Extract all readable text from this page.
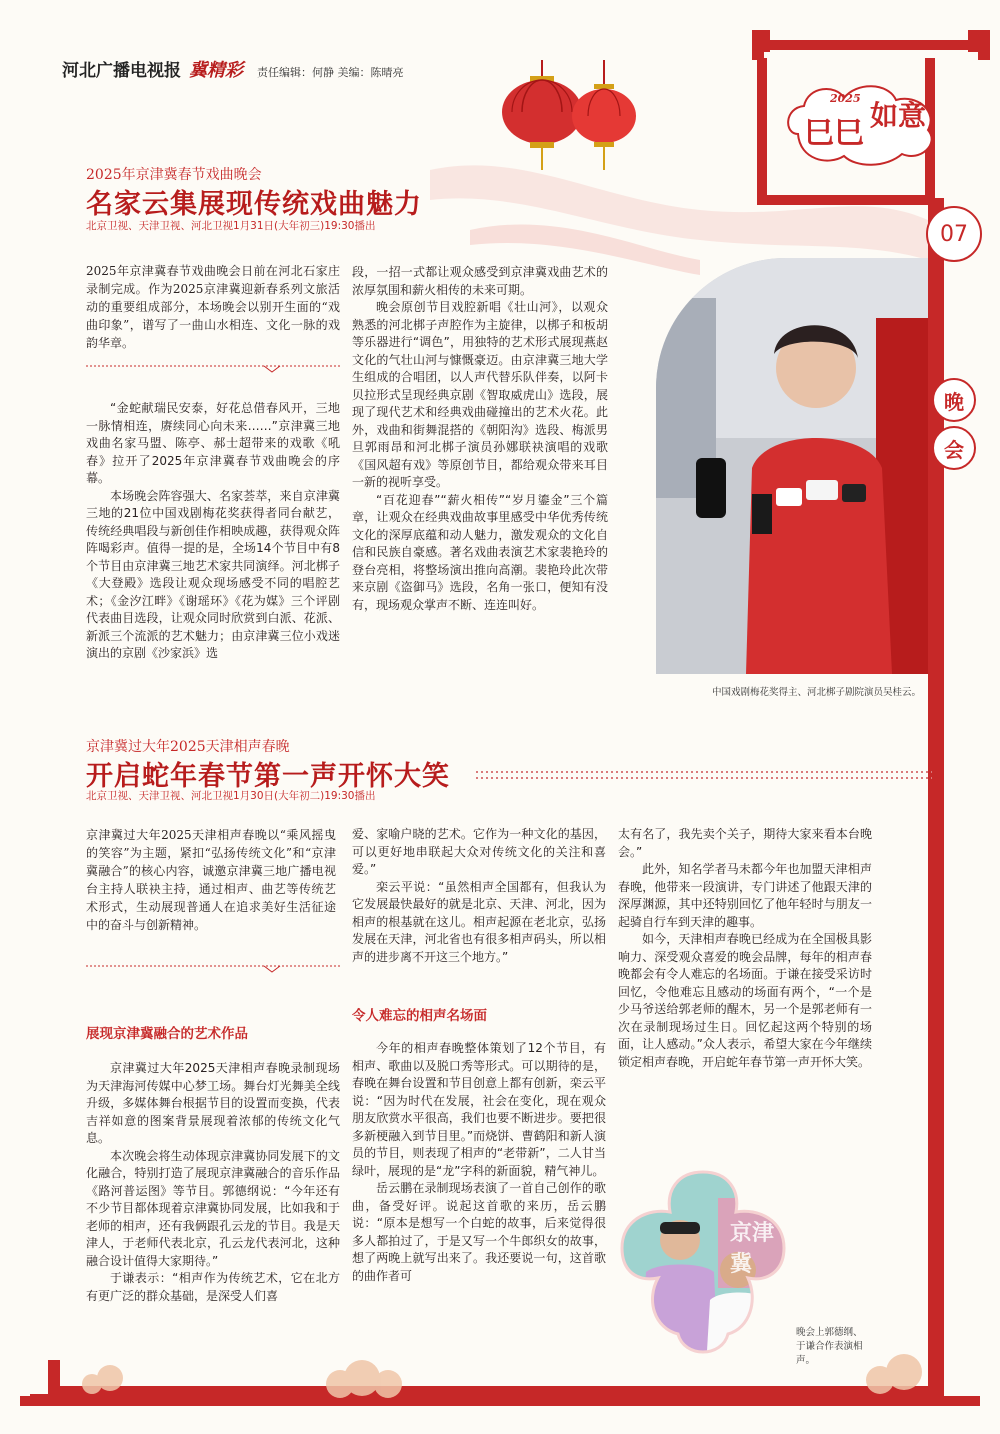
河北广播电视报 冀精彩 责任编辑：何静 美编：陈晴亮
2025
巳巳
如意
07
晚
会
2025年京津冀春节戏曲晚会
名家云集展现传统戏曲魅力
北京卫视、天津卫视、河北卫视1月31日(大年初三)19:30播出
2025年京津冀春节戏曲晚会日前在河北石家庄录制完成。作为2025京津冀迎新春系列文旅活动的重要组成部分，本场晚会以别开生面的“戏曲印象”，谱写了一曲山水相连、文化一脉的戏韵华章。

“金蛇献瑞民安泰，好花总借春风开，三地一脉情相连，赓续同心向未来……”京津冀三地戏曲名家马盟、陈亭、郝士超带来的戏歌《吼春》拉开了2025年京津冀春节戏曲晚会的序幕。

本场晚会阵容强大、名家荟萃，来自京津冀三地的21位中国戏剧梅花奖获得者同台献艺，传统经典唱段与新创佳作相映成趣，获得观众阵阵喝彩声。值得一提的是，全场14个节目中有8个节目由京津冀三地艺术家共同演绎。河北梆子《大登殿》选段让观众现场感受不同的唱腔艺术；《金汐江畔》《谢瑶环》《花为媒》三个评剧代表曲目选段，让观众同时欣赏到白派、花派、新派三个流派的艺术魅力；由京津冀三位小戏迷演出的京剧《沙家浜》选

段，一招一式都让观众感受到京津冀戏曲艺术的浓厚氛围和薪火相传的未来可期。

晚会原创节目戏腔新唱《壮山河》，以观众熟悉的河北梆子声腔作为主旋律，以梆子和板胡等乐器进行“调色”，用独特的艺术形式展现燕赵文化的气壮山河与慷慨豪迈。由京津冀三地大学生组成的合唱团，以人声代替乐队伴奏，以阿卡贝拉形式呈现经典京剧《智取威虎山》选段，展现了现代艺术和经典戏曲碰撞出的艺术火花。此外，戏曲和街舞混搭的《朝阳沟》选段、梅派男旦郭雨昂和河北梆子演员孙娜联袂演唱的戏歌《国风超有戏》等原创节目，都给观众带来耳目一新的视听享受。

“百花迎春”“薪火相传”“岁月鎏金”三个篇章，让观众在经典戏曲故事里感受中华优秀传统文化的深厚底蕴和动人魅力，激发观众的文化自信和民族自豪感。著名戏曲表演艺术家裴艳玲的登台亮相，将整场演出推向高潮。裴艳玲此次带来京剧《盗御马》选段，名角一张口，便知有没有，现场观众掌声不断、连连叫好。

中国戏剧梅花奖得主、河北梆子剧院演员吴桂云。
京津冀过大年2025天津相声春晚
开启蛇年春节第一声开怀大笑
北京卫视、天津卫视、河北卫视1月30日(大年初二)19:30播出
京津冀过大年2025天津相声春晚以“乘风摇曳的笑容”为主题，紧扣“弘扬传统文化”和“京津冀融合”的核心内容，诚邀京津冀三地广播电视台主持人联袂主持，通过相声、曲艺等传统艺术形式，生动展现普通人在追求美好生活征途中的奋斗与创新精神。
展现京津冀融合的艺术作品

京津冀过大年2025天津相声春晚录制现场为天津海河传媒中心梦工场。舞台灯光舞美全线升级，多媒体舞台根据节目的设置而变换，代表吉祥如意的图案背景展现着浓郁的传统文化气息。

本次晚会将生动体现京津冀协同发展下的文化融合，特别打造了展现京津冀融合的音乐作品《路河普运图》等节目。郭德纲说：“今年还有不少节目都体现着京津冀协同发展，比如我和于老师的相声，还有我俩跟孔云龙的节目。我是天津人，于老师代表北京，孔云龙代表河北，这种融合设计值得大家期待。”

于谦表示：“相声作为传统艺术，它在北方有更广泛的群众基础，是深受人们喜

爱、家喻户晓的艺术。它作为一种文化的基因，可以更好地串联起大众对传统文化的关注和喜爱。”

栾云平说：“虽然相声全国都有，但我认为它发展最快最好的就是北京、天津、河北，因为相声的根基就在这儿。相声起源在老北京，弘扬发展在天津，河北省也有很多相声码头，所以相声的进步离不开这三个地方。”

令人难忘的相声名场面

今年的相声春晚整体策划了12个节目，有相声、歌曲以及脱口秀等形式。可以期待的是，春晚在舞台设置和节目创意上都有创新，栾云平说：“因为时代在发展，社会在变化，现在观众朋友欣赏水平很高，我们也要不断进步。要把很多新梗融入到节目里。”而烧饼、曹鹤阳和新人演员的节目，则表现了相声的“老带新”，二人甘当绿叶，展现的是“龙”字科的新面貌，精气神儿。

岳云鹏在录制现场表演了一首自己创作的歌曲，备受好评。说起这首歌的来历，岳云鹏说：“原本是想写一个白蛇的故事，后来觉得很多人都拍过了，于是又写一个牛郎织女的故事，想了两晚上就写出来了。我还要说一句，这首歌的曲作者可

太有名了，我先卖个关子，期待大家来看本台晚会。”

此外，知名学者马未都今年也加盟天津相声春晚，他带来一段演讲，专门讲述了他跟天津的深厚渊源，其中还特别回忆了他年轻时与朋友一起骑自行车到天津的趣事。

如今，天津相声春晚已经成为在全国极具影响力、深受观众喜爱的晚会品牌，每年的相声春晚都会有令人难忘的名场面。于谦在接受采访时回忆，令他难忘且感动的场面有两个，“一个是少马爷送给郭老师的醒木，另一个是郭老师有一次在录制现场过生日。回忆起这两个特别的场面，让人感动。”众人表示，希望大家在今年继续锁定相声春晚，开启蛇年春节第一声开怀大笑。

京津冀
晚会上郭德纲、于谦合作表演相声。
